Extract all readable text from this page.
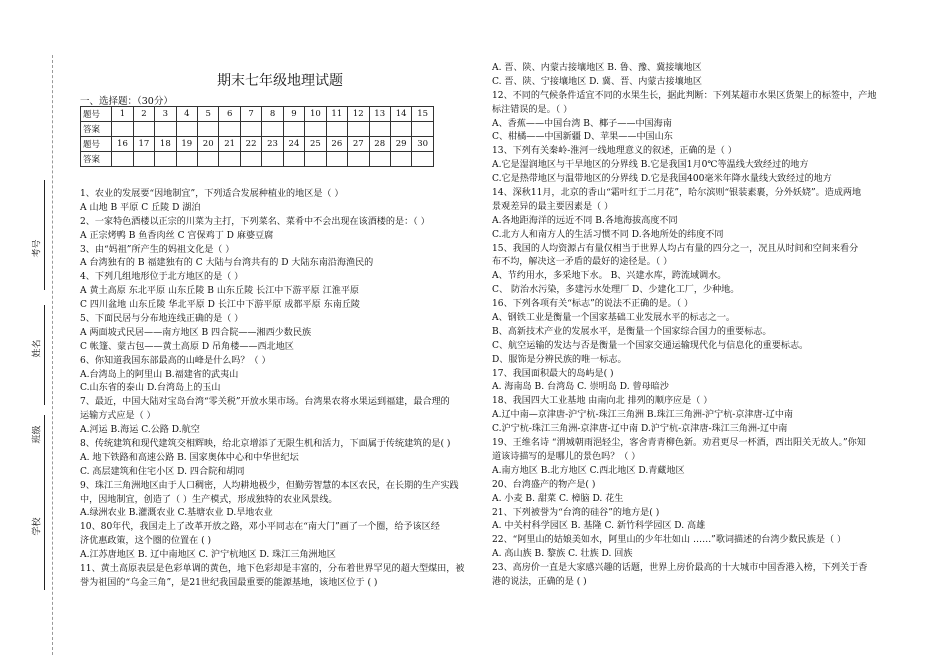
考号
姓名
班级
学校
期末七年级地理试题
一、选择题：（30分）
题号	1	2	3	4	5	6	7	8	9	10	11	12	13	14	15
答案															
题号	16	17	18	19	20	21	22	23	24	25	26	27	28	29	30
答案															
1、农业的发展要“因地制宜”，下列适合发展种植业的地区是（ ）
A 山地 B 平原 C 丘陵 D 湖泊
2、一家特色酒楼以正宗的川菜为主打，下列菜名、菜肴中不会出现在该酒楼的是：（ ）
A 正宗烤鸭 B 鱼香肉丝 C 宫保鸡丁 D 麻婆豆腐
3、由“妈祖”所产生的妈祖文化是（ ）
A 台湾独有的 B 福建独有的 C 大陆与台湾共有的 D 大陆东南沿海渔民的
4、下列几组地形位于北方地区的是（ ）
A 黄土高原 东北平原 山东丘陵 B 山东丘陵 长江中下游平原 江淮平原
C 四川盆地 山东丘陵 华北平原 D 长江中下游平原 成都平原 东南丘陵
5、下面民居与分布地连线正确的是（ ）
A 两面坡式民居——南方地区 B 四合院——湘西少数民族
C 帐篷、蒙古包——黄土高原 D 吊角楼——西北地区
6、你知道我国东部最高的山峰是什么吗？（ ）
A.台湾岛上的阿里山 B.福建省的武夷山
C.山东省的泰山 D.台湾岛上的玉山
7、最近，中国大陆对宝岛台湾“零关税”开放水果市场。台湾果农将水果运到福建，最合理的
运输方式应是（ ）
A.河运 B.海运 C.公路 D.航空
8、传统建筑和现代建筑交相辉映，给北京增添了无限生机和活力，下面属于传统建筑的是( )
A. 地下铁路和高速公路 B. 国家奥体中心和中华世纪坛
C. 高层建筑和住宅小区 D. 四合院和胡同
9、珠江三角洲地区由于人口稠密，人均耕地极少，但勤劳智慧的本区农民，在长期的生产实践
中，因地制宜，创造了（ ）生产模式，形成独特的农业风景线。
A.绿洲农业 B.灌溉农业 C.基塘农业 D.旱地农业
10、80年代，我国走上了改革开放之路，邓小平同志在“南大门”画了一个圈，给予该区经
济优惠政策，这个圈的位置在 ( )
A.江苏唐地区 B. 辽中南地区 C. 沪宁杭地区 D. 珠江三角洲地区
11、黄土高原表层是色彩单调的黄色，地下色彩却是丰富的，分布着世界罕见的超大型煤田，被
誉为祖国的“乌金三角”，是21世纪我国最重要的能源基地，该地区位于 ( )
A. 晋、陕、内蒙古接壤地区 B. 鲁、豫、冀接壤地区
C. 晋、陕、宁接壤地区 D. 冀、晋、内蒙古接壤地区
12、不同的气候条件适宜不同的水果生长，据此判断：下列某超市水果区货架上的标签中，产地
标注错误的是。（ ）
A、香蕉——中国台湾 B、椰子——中国海南
C、柑橘——中国新疆 D、苹果——中国山东
13、下列有关秦岭-淮河一线地理意义的叙述，正确的是（ ）
A.它是湿润地区与干旱地区的分界线 B.它是我国1月0℃等温线大致经过的地方
C.它是热带地区与温带地区的分界线 D.它是我国400毫米年降水量线大致经过的地方
14、深秋11月，北京的香山“霜叶红于二月花”，哈尔滨则“银装素裹，分外妖娆”。造成两地
景观差异的最主要因素是（ ）
A.各地距海洋的远近不同 B.各地海拔高度不同
C.北方人和南方人的生活习惯不同 D.各地所处的纬度不同
15、我国的人均资源占有量仅相当于世界人均占有量的四分之一，况且从时间和空间来看分
布不均，解决这一矛盾的最好的途径是。（ ）
A、节约用水，多采地下水。 B、兴建水库，跨流域调水。
C、 防治水污染，多建污水处理厂 D、少建化工厂，少种地。
16、下列各项有关“标志”的说法不正确的是。（ ）
A、钢铁工业是衡量一个国家基础工业发展水平的标志之一。
B、高新技术产业的发展水平，是衡量一个国家综合国力的重要标志。
C、航空运输的发达与否是衡量一个国家交通运输现代化与信息化的重要标志。
D、服饰是分辨民族的唯一标志。
17、我国面积最大的岛屿是( )
A. 海南岛 B. 台湾岛 C. 崇明岛 D. 曾母暗沙
18、我国四大工业基地 由南向北 排列的顺序应是（ ）
A.辽中南—京津唐-沪宁杭-珠江三角洲 B.珠江三角洲-沪宁杭-京津唐-辽中南
C.沪宁杭-珠江三角洲-京津唐-辽中南 D.沪宁杭-京津唐-珠江三角洲-辽中南
19、王维名诗 “渭城朝雨浥轻尘，客舍青青柳色新。劝君更尽一杯酒，西出阳关无故人。”你知
道该诗描写的是哪儿的景色吗？（ ）
A.南方地区 B.北方地区 C.西北地区 D.青藏地区
20、台湾盛产的物产是( )
A. 小麦 B. 甜菜 C. 樟脑 D. 花生
21、下列被誉为“台湾的硅谷”的地方是( )
A. 中关村科学园区 B. 基隆 C. 新竹科学园区 D. 高雄
22、“阿里山的姑娘美如水，阿里山的少年壮如山 ……”歌词描述的台湾少数民族是（ ）
A. 高山族 B. 黎族 C. 壮族 D. 回族
23、高房价一直是大家感兴趣的话题，世界上房价最高的十大城市中国香港入榜，下列关于香
港的说法，正确的是 ( )
